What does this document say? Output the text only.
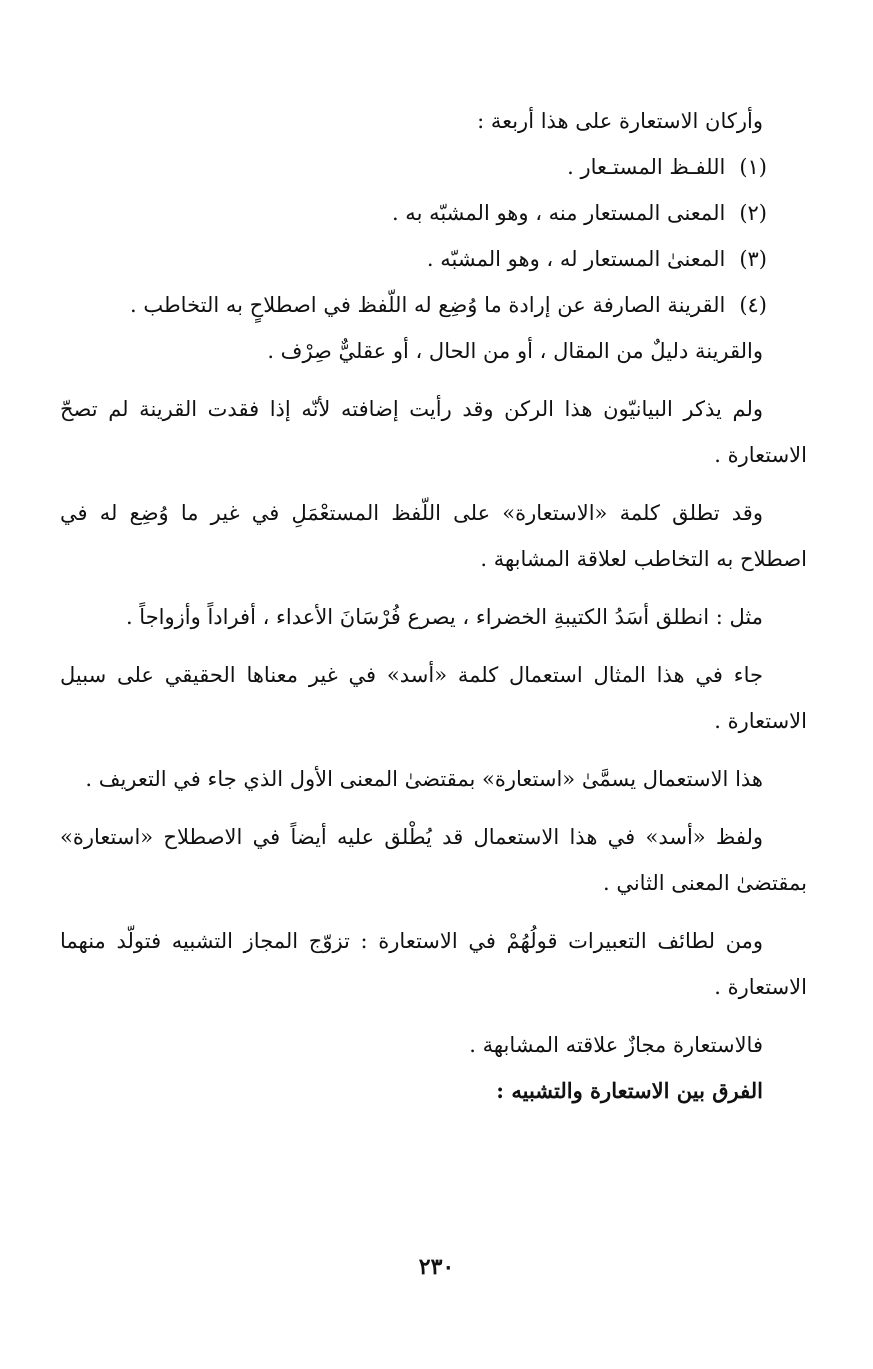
وأركان الاستعارة على هذا أربعة :

(١)اللفـظ المستـعار .

(٢)المعنى المستعار منه ، وهو المشبّه به .

(٣)المعنىٰ المستعار له ، وهو المشبّه .

(٤)القرينة الصارفة عن إرادة ما وُضِع له اللّفظ في اصطلاحٍ به التخاطب .

والقرينة دليلٌ من المقال ، أو من الحال ، أو عقليٌّ صِرْف .

ولم يذكر البيانيّون هذا الركن وقد رأيت إضافته لأنّه إذا فقدت القرينة لم تصحّ الاستعارة .

وقد تطلق كلمة «الاستعارة» على اللّفظ المستعْمَلِ في غير ما وُضِع له في اصطلاح به التخاطب لعلاقة المشابهة .

مثل : انطلق أسَدُ الكتيبةِ الخضراء ، يصرع فُرْسَانَ الأعداء ، أفراداً وأزواجاً .

جاء في هذا المثال استعمال كلمة «أسد» في غير معناها الحقيقي على سبيل الاستعارة .

هذا الاستعمال يسمَّىٰ «استعارة» بمقتضىٰ المعنى الأول الذي جاء في التعريف .

ولفظ «أسد» في هذا الاستعمال قد يُطْلق عليه أيضاً في الاصطلاح «استعارة» بمقتضىٰ المعنى الثاني .

ومن لطائف التعبيرات قولُهُمْ في الاستعارة : تزوّج المجاز التشبيه فتولّد منهما الاستعارة .

فالاستعارة مجازٌ علاقته المشابهة .

الفرق بين الاستعارة والتشبيه :

٢٣٠
